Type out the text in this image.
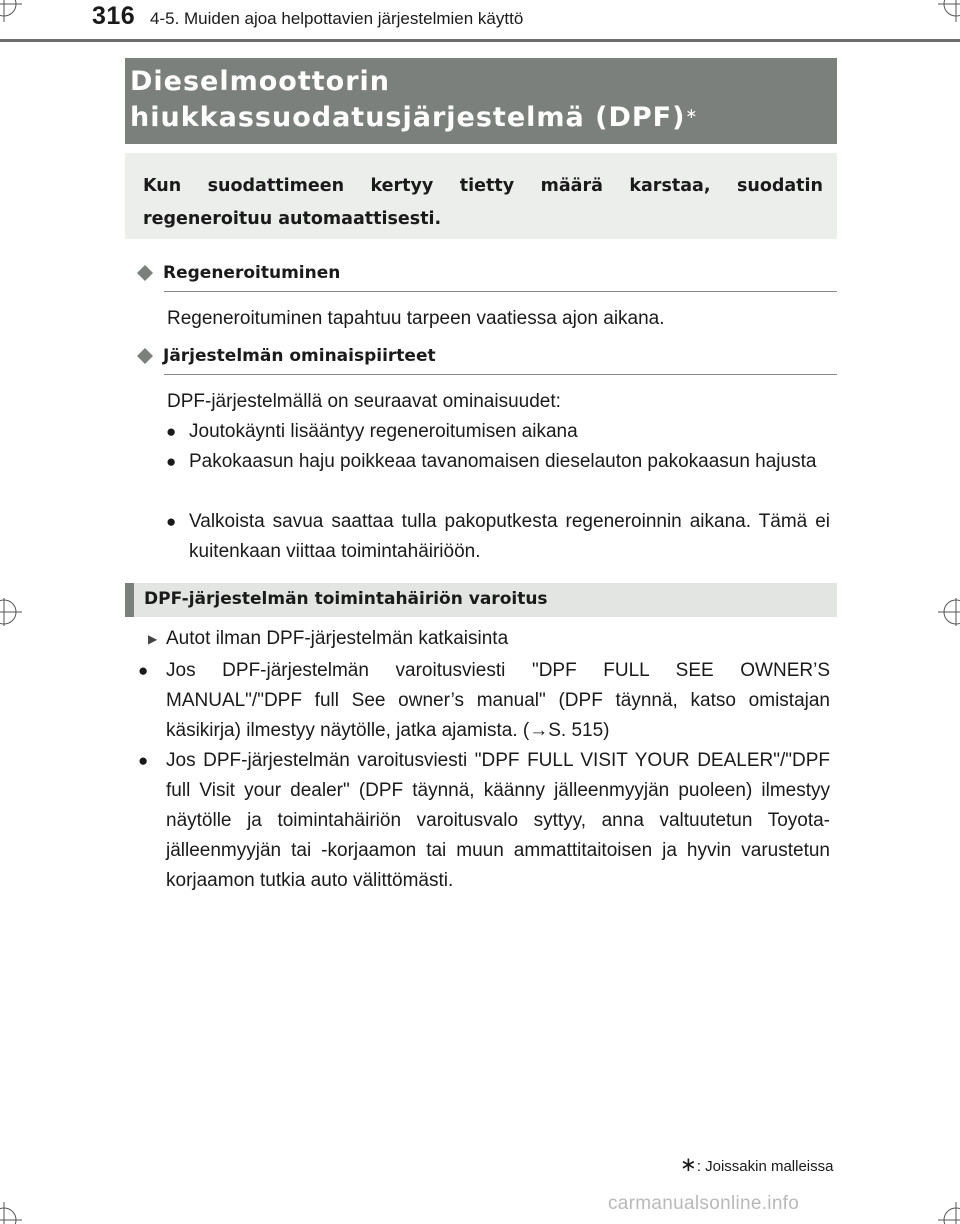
316 4-5. Muiden ajoa helpottavien järjestelmien käyttö
Dieselmoottorin
hiukkassuodatusjärjestelmä (DPF)∗
Kun suodattimeen kertyy tietty määrä karstaa, suodatin regeneroituu automaattisesti.
Regeneroituminen
Regeneroituminen tapahtuu tarpeen vaatiessa ajon aikana.
Järjestelmän ominaispiirteet
DPF-järjestelmällä on seuraavat ominaisuudet:
● Joutokäynti lisääntyy regeneroitumisen aikana
● Pakokaasun haju poikkeaa tavanomaisen dieselauton pakokaasun hajusta
● Valkoista savua saattaa tulla pakoputkesta regeneroinnin aikana. Tämä ei kuitenkaan viittaa toimintahäiriöön.
DPF-järjestelmän toimintahäiriön varoitus
▶ Autot ilman DPF-järjestelmän katkaisinta
● Jos DPF-järjestelmän varoitusviesti "DPF FULL SEE OWNER’S MANUAL"/"DPF full See owner’s manual" (DPF täynnä, katso omistajan käsikirja) ilmestyy näytölle, jatka ajamista. (→S. 515)
● Jos DPF-järjestelmän varoitusviesti "DPF FULL VISIT YOUR DEALER"/"DPF full Visit your dealer" (DPF täynnä, käänny jälleenmyyjän puoleen) ilmestyy näytölle ja toimintahäiriön varoitusvalo syttyy, anna valtuutetun Toyota-jälleenmyyjän tai -korjaamon tai muun ammattitaitoisen ja hyvin varustetun korjaamon tutkia auto välittömästi.
∗: Joissakin malleissa
carmanualsonline.info
